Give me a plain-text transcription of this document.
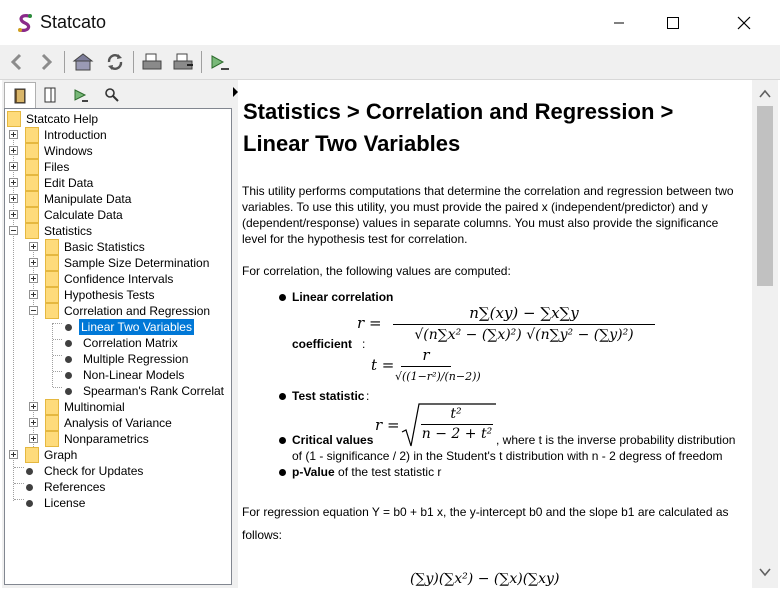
Statcato
Statcato Help
Introduction
Windows
Files
Edit Data
Manipulate Data
Calculate Data
Statistics
Basic Statistics
Sample Size Determination
Confidence Intervals
Hypothesis Tests
Correlation and Regression
Linear Two Variables
Correlation Matrix
Multiple Regression
Non-Linear Models
Spearman's Rank Correlat
Multinomial
Analysis of Variance
Nonparametrics
Graph
Check for Updates
References
License
Statistics > Correlation and Regression > Linear Two Variables
This utility performs computations that determine the correlation and regression between two variables. To use this utility, you must provide the paired x (independent/predictor) and y (dependent/response) values in separate columns. You must also provide the significance level for the hypothesis test for correlation.
For correlation, the following values are computed:
Linear correlation
r =
n∑(xy) − ∑x∑y
√(n∑x² − (∑x)²) √(n∑y² − (∑y)²)
coefficient :
t =
r
√((1−r²)/(n−2))
Test statistic :
r =
t²
n − 2 + t²
Critical values	, where t is the inverse probability distribution
of (1 - significance / 2) in the Student's t distribution with n - 2 degress of freedom
p-Value of the test statistic r
For regression equation Y = b0 + b1 x, the y-intercept b0 and the slope b1 are calculated as
follows:
(∑y)(∑x²) − (∑x)(∑xy)
